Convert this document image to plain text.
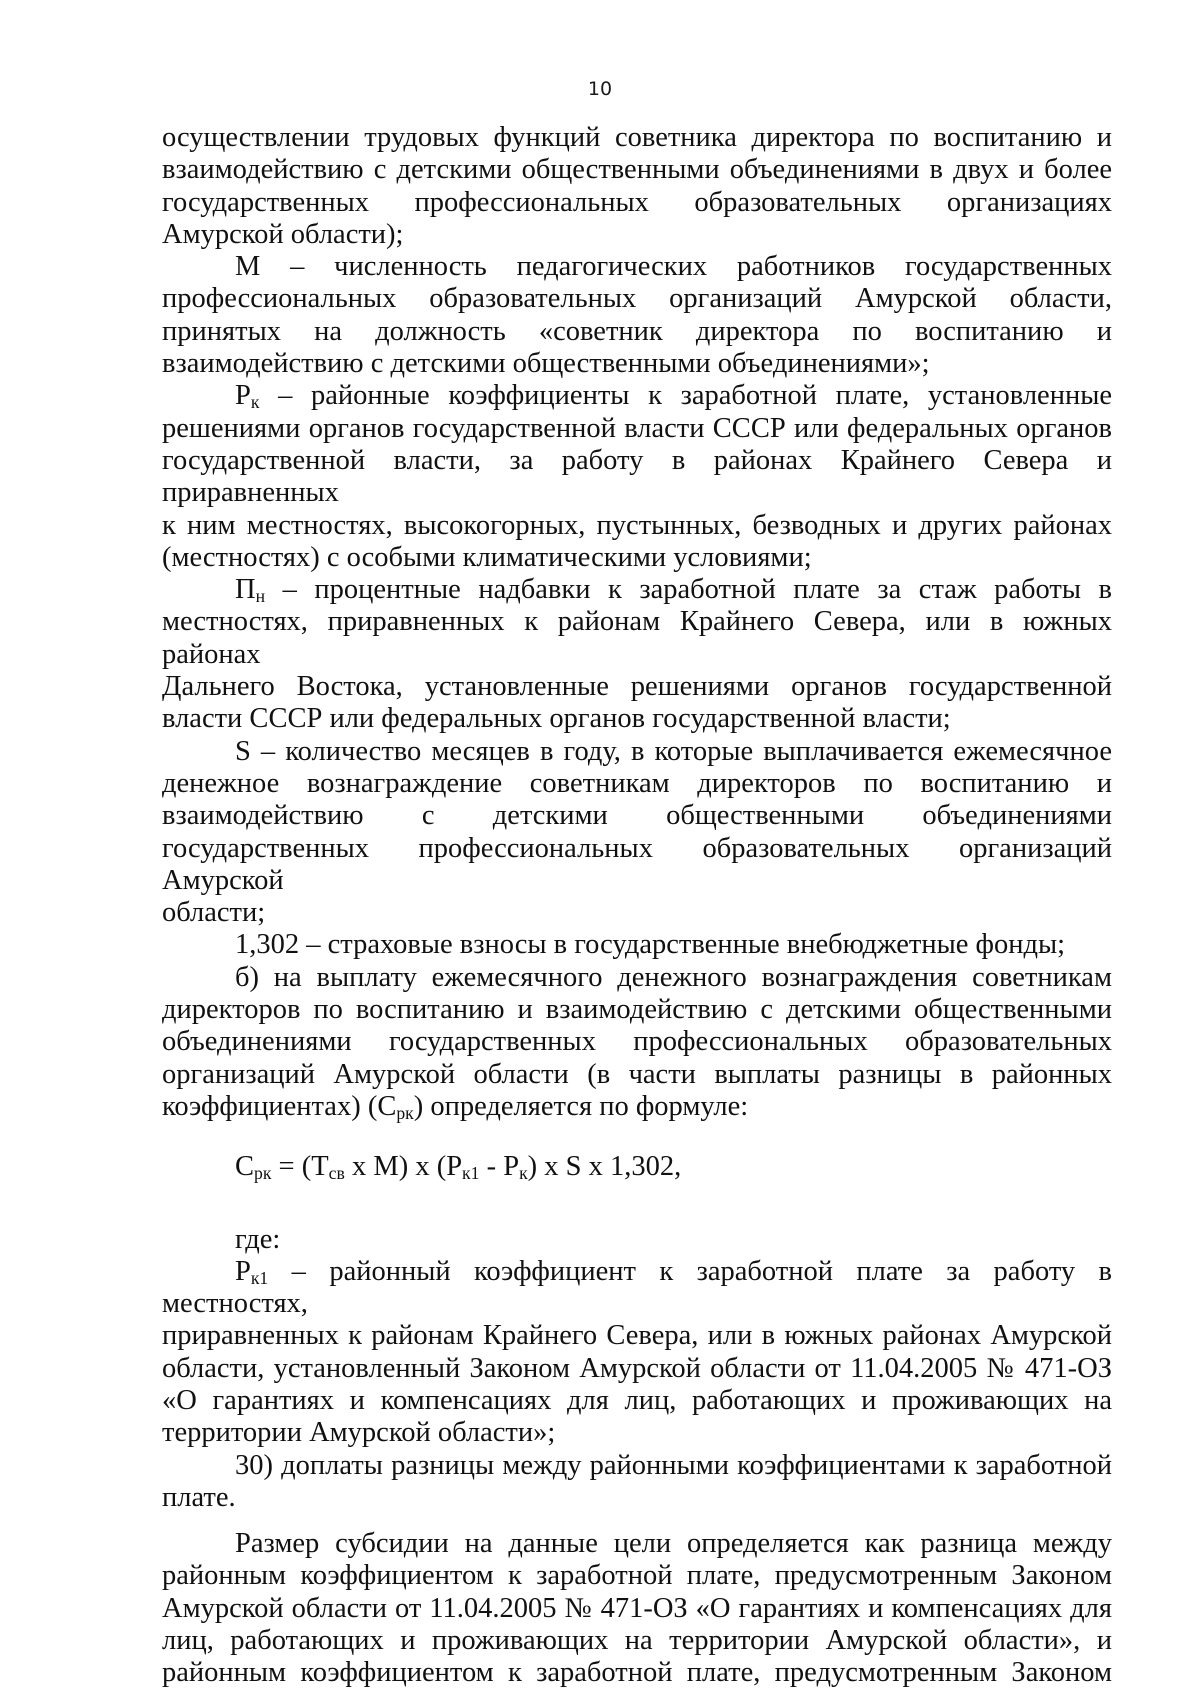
10
осуществлении трудовых функций советника директора по воспитанию и
взаимодействию с детскими общественными объединениями в двух и более
государственных профессиональных образовательных организациях
Амурской области);
М – численность педагогических работников государственных
профессиональных образовательных организаций Амурской области,
принятых на должность «советник директора по воспитанию и
взаимодействию с детскими общественными объединениями»;
$Р_к$ – районные коэффициенты к заработной плате, установленные
решениями органов государственной власти СССР или федеральных органов
государственной власти, за работу в районах Крайнего Севера и приравненных
к ним местностях, высокогорных, пустынных, безводных и других районах
(местностях) с особыми климатическими условиями;
$П_н$ – процентные надбавки к заработной плате за стаж работы в
местностях, приравненных к районам Крайнего Севера, или в южных районах
Дальнего Востока, установленные решениями органов государственной
власти СССР или федеральных органов государственной власти;
S – количество месяцев в году, в которые выплачивается ежемесячное
денежное вознаграждение советникам директоров по воспитанию и
взаимодействию с детскими общественными объединениями
государственных профессиональных образовательных организаций Амурской
области;
1,302 – страховые взносы в государственные внебюджетные фонды;
б) на выплату ежемесячного денежного вознаграждения советникам
директоров по воспитанию и взаимодействию с детскими общественными
объединениями государственных профессиональных образовательных
организаций Амурской области (в части выплаты разницы в районных
коэффициентах) $(С_{рк})$ определяется по формуле:
$С_{рк} = (Т_{св}$ x М) x $(Р_{к1} - Р_к)$ x S x 1,302,
где:
$Р_{к1}$ – районный коэффициент к заработной плате за работу в местностях,
приравненных к районам Крайнего Севера, или в южных районах Амурской
области, установленный Законом Амурской области от 11.04.2005 № 471-ОЗ
«О гарантиях и компенсациях для лиц, работающих и проживающих на
территории Амурской области»;
30) доплаты разницы между районными коэффициентами к заработной
плате.
Размер субсидии на данные цели определяется как разница между
районным коэффициентом к заработной плате, предусмотренным Законом
Амурской области от 11.04.2005 № 471-ОЗ «О гарантиях и компенсациях для
лиц, работающих и проживающих на территории Амурской области», и
районным коэффициентом к заработной плате, предусмотренным Законом
